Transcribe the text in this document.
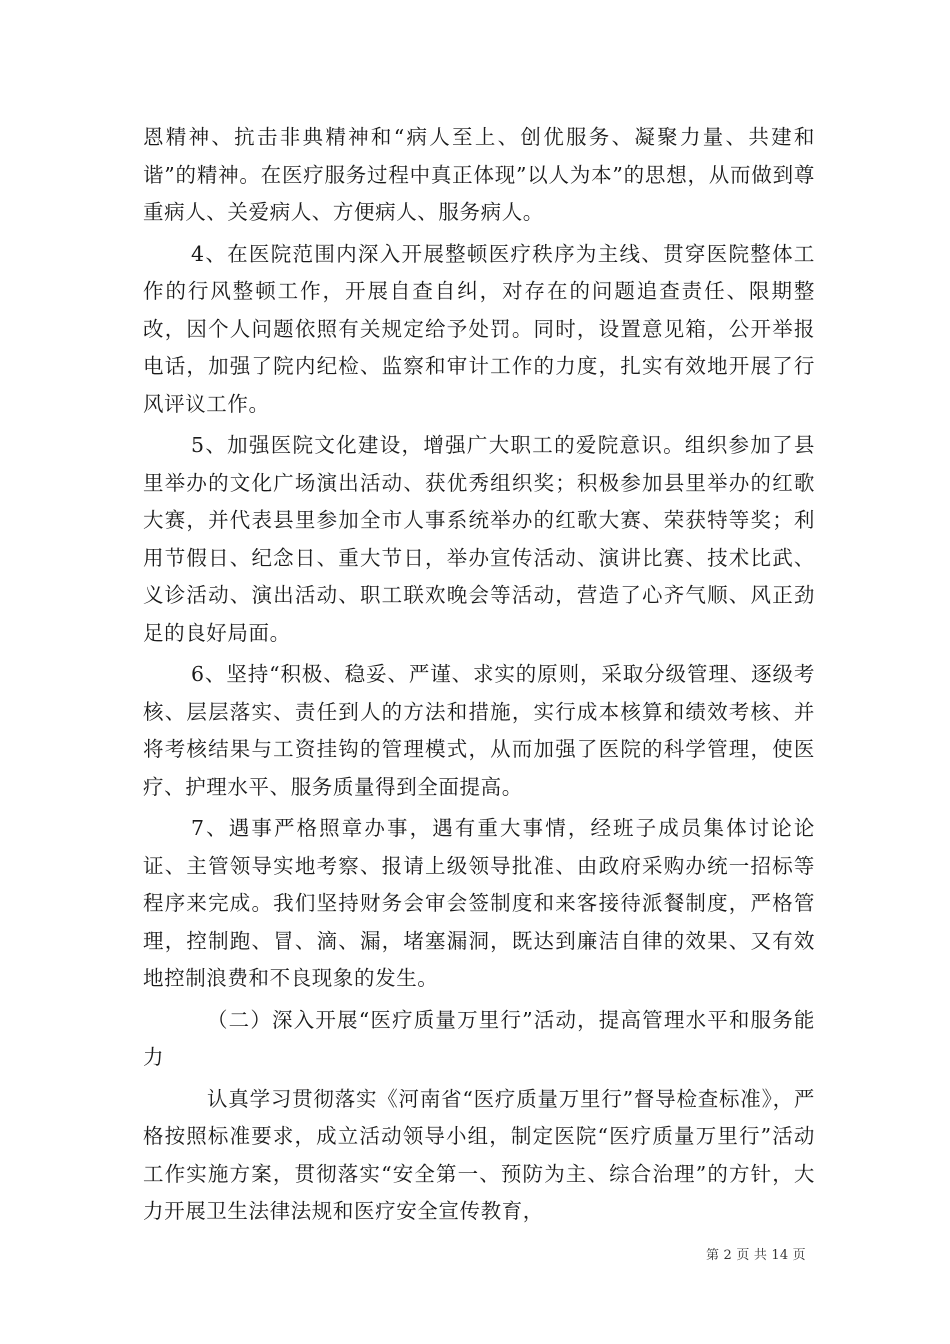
恩精神、抗击非典精神和“病人至上、创优服务、凝聚力量、共建和谐”的精神。在医疗服务过程中真正体现”以人为本”的思想，从而做到尊重病人、关爱病人、方便病人、服务病人。

4、在医院范围内深入开展整顿医疗秩序为主线、贯穿医院整体工作的行风整顿工作，开展自查自纠，对存在的问题追查责任、限期整改，因个人问题依照有关规定给予处罚。同时，设置意见箱，公开举报电话，加强了院内纪检、监察和审计工作的力度，扎实有效地开展了行风评议工作。

5、加强医院文化建设，增强广大职工的爱院意识。组织参加了县里举办的文化广场演出活动、获优秀组织奖；积极参加县里举办的红歌大赛，并代表县里参加全市人事系统举办的红歌大赛、荣获特等奖；利用节假日、纪念日、重大节日，举办宣传活动、演讲比赛、技术比武、义诊活动、演出活动、职工联欢晚会等活动，营造了心齐气顺、风正劲足的良好局面。

6、坚持“积极、稳妥、严谨、求实的原则，采取分级管理、逐级考核、层层落实、责任到人的方法和措施，实行成本核算和绩效考核、并将考核结果与工资挂钩的管理模式，从而加强了医院的科学管理，使医疗、护理水平、服务质量得到全面提高。

7、遇事严格照章办事，遇有重大事情，经班子成员集体讨论论证、主管领导实地考察、报请上级领导批准、由政府采购办统一招标等程序来完成。我们坚持财务会审会签制度和来客接待派餐制度，严格管理，控制跑、冒、滴、漏，堵塞漏洞，既达到廉洁自律的效果、又有效地控制浪费和不良现象的发生。

（二）深入开展“医疗质量万里行”活动，提高管理水平和服务能力

认真学习贯彻落实《河南省“医疗质量万里行”督导检查标准》，严格按照标准要求，成立活动领导小组，制定医院“医疗质量万里行”活动工作实施方案，贯彻落实“安全第一、预防为主、综合治理”的方针，大力开展卫生法律法规和医疗安全宣传教育，

第 2 页 共 14 页
